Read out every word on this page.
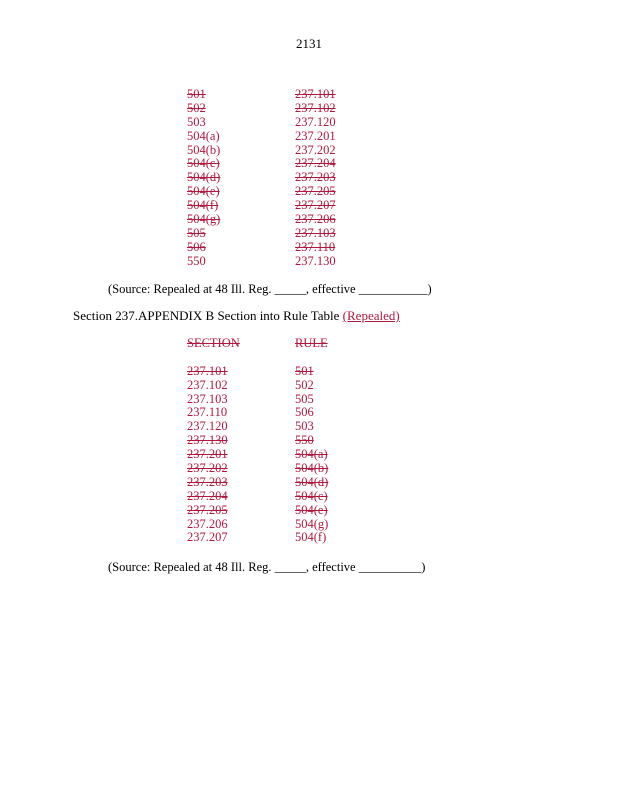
2131
501	237.101
502	237.102
503	237.120
504(a)	237.201
504(b)	237.202
504(c)	237.204
504(d)	237.203
504(e)	237.205
504(f)	237.207
504(g)	237.206
505	237.103
506	237.110
550	237.130
(Source: Repealed at 48 Ill. Reg. _____, effective ___________)
Section 237.APPENDIX B Section into Rule Table (Repealed)
SECTION	RULE
237.101	501
237.102	502
237.103	505
237.110	506
237.120	503
237.130	550
237.201	504(a)
237.202	504(b)
237.203	504(d)
237.204	504(c)
237.205	504(e)
237.206	504(g)
237.207	504(f)
(Source: Repealed at 48 Ill. Reg. _____, effective __________)
